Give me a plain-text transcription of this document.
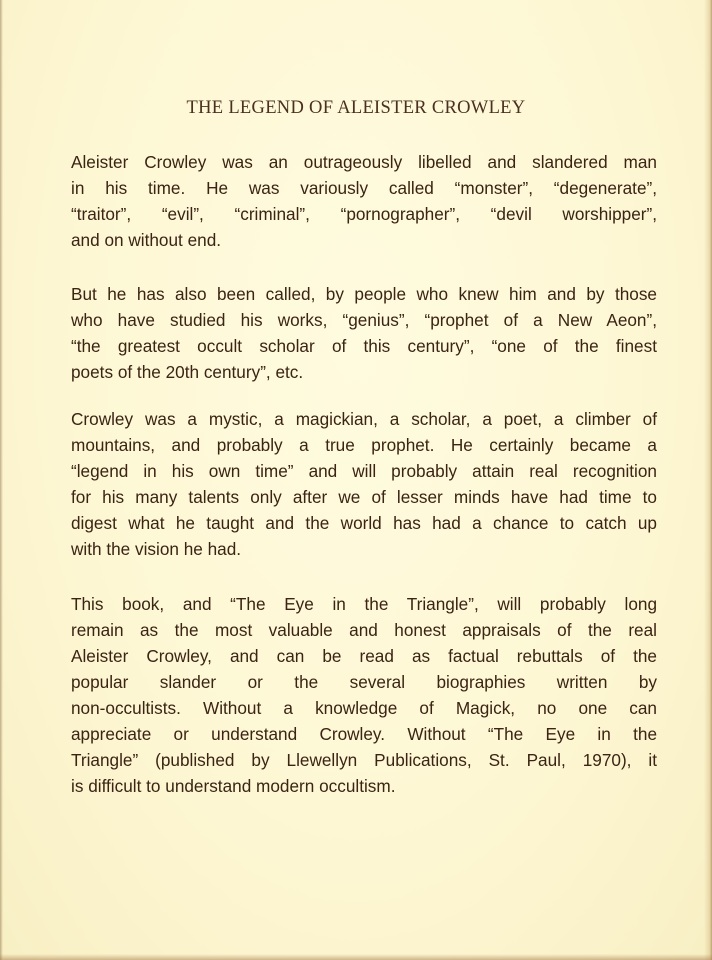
THE LEGEND OF ALEISTER CROWLEY
Aleister Crowley was an outrageously libelled and slandered man
in his time. He was variously called “monster”, “degenerate”,
“traitor”, “evil”, “criminal”, “pornographer”, “devil worshipper”,
and on without end.
But he has also been called, by people who knew him and by those
who have studied his works, “genius”, “prophet of a New Aeon”,
“the greatest occult scholar of this century”, “one of the finest
poets of the 20th century”, etc.
Crowley was a mystic, a magickian, a scholar, a poet, a climber of
mountains, and probably a true prophet. He certainly became a
“legend in his own time” and will probably attain real recognition
for his many talents only after we of lesser minds have had time to
digest what he taught and the world has had a chance to catch up
with the vision he had.
This book, and “The Eye in the Triangle”, will probably long
remain as the most valuable and honest appraisals of the real
Aleister Crowley, and can be read as factual rebuttals of the
popular slander or the several biographies written by
non-occultists. Without a knowledge of Magick, no one can
appreciate or understand Crowley. Without “The Eye in the
Triangle” (published by Llewellyn Publications, St. Paul, 1970), it
is difficult to understand modern occultism.
